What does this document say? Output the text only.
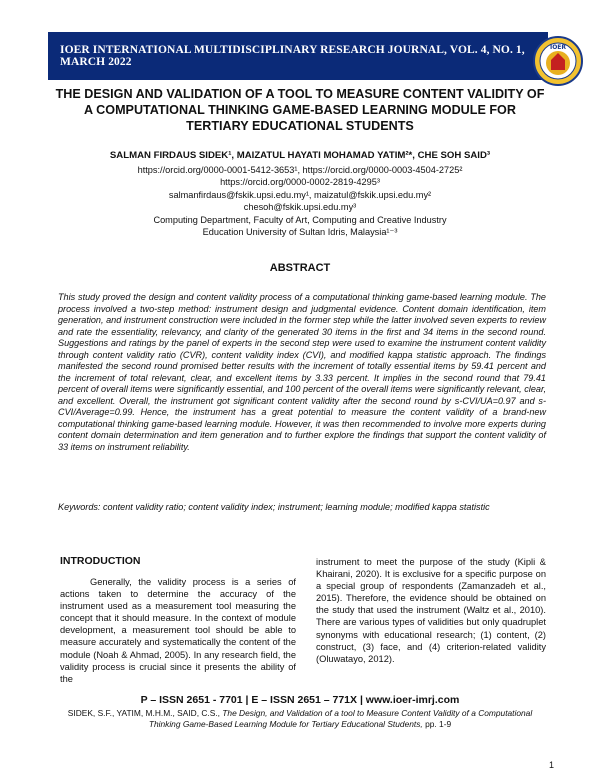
IOER INTERNATIONAL MULTIDISCIPLINARY RESEARCH JOURNAL, VOL. 4, NO. 1, MARCH 2022
IOER
THE DESIGN AND VALIDATION OF A TOOL TO MEASURE CONTENT VALIDITY OF A COMPUTATIONAL THINKING GAME-BASED LEARNING MODULE FOR TERTIARY EDUCATIONAL STUDENTS
SALMAN FIRDAUS SIDEK¹, MAIZATUL HAYATI MOHAMAD YATIM²*, CHE SOH SAID³
https://orcid.org/0000-0001-5412-3653¹, https://orcid.org/0000-0003-4504-2725²
https://orcid.org/0000-0002-2819-4295³
salmanfirdaus@fskik.upsi.edu.my¹, maizatul@fskik.upsi.edu.my²
chesoh@fskik.upsi.edu.my³
Computing Department, Faculty of Art, Computing and Creative Industry
Education University of Sultan Idris, Malaysia¹⁻³
ABSTRACT
This study proved the design and content validity process of a computational thinking game-based learning module. The process involved a two-step method: instrument design and judgmental evidence. Content domain identification, item generation, and instrument construction were included in the former step while the latter involved seven experts to review and rate the essentiality, relevancy, and clarity of the generated 30 items in the first and 34 items in the second round. Suggestions and ratings by the panel of experts in the second step were used to examine the instrument content validity through content validity ratio (CVR), content validity index (CVI), and modified kappa statistic approach. The findings manifested the second round promised better results with the increment of totally essential items by 59.41 percent and the increment of total relevant, clear, and excellent items by 3.33 percent. It implies in the second round that 79.41 percent of overall items were significantly essential, and 100 percent of the overall items were significantly relevant, clear, and excellent. Overall, the instrument got significant content validity after the second round by s-CVI/UA=0.97 and s-CVI/Average=0.99. Hence, the instrument has a great potential to measure the content validity of a brand-new computational thinking game-based learning module. However, it was then recommended to involve more experts during content domain determination and item generation and to further explore the findings that support the content validity of 33 items on instrument reliability.
Keywords: content validity ratio; content validity index; instrument; learning module; modified kappa statistic
INTRODUCTION
Generally, the validity process is a series of actions taken to determine the accuracy of the instrument used as a measurement tool measuring the concept that it should measure. In the context of module development, a measurement tool should be able to measure accurately and systematically the content of the module (Noah & Ahmad, 2005). In any research field, the validity process is crucial since it presents the ability of the
instrument to meet the purpose of the study (Kipli & Khairani, 2020). It is exclusive for a specific purpose on a special group of respondents (Zamanzadeh et al., 2015). Therefore, the evidence should be obtained on the study that used the instrument (Waltz et al., 2010). There are various types of validities but only quadruplet synonyms with educational research; (1) content, (2) construct, (3) face, and (4) criterion-related validity (Oluwatayo, 2012).
P – ISSN 2651 - 7701 | E – ISSN 2651 – 771X | www.ioer-imrj.com
SIDEK, S.F., YATIM, M.H.M., SAID, C.S., The Design, and Validation of a tool to Measure Content Validity of a Computational Thinking Game-Based Learning Module for Tertiary Educational Students, pp. 1-9
1
